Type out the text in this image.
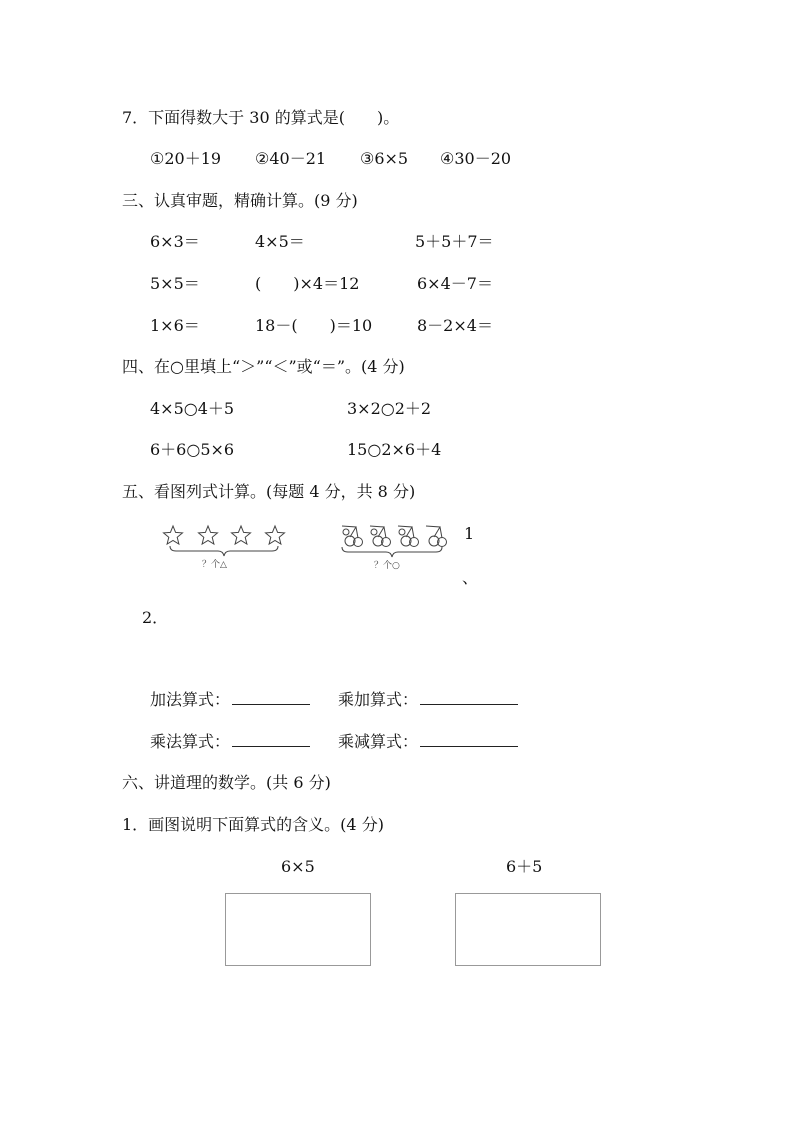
7．下面得数大于 30 的算式是(　　)。
①20＋19 ②40－21 ③6×5 ④30－20
三、认真审题，精确计算。(9 分)
6×3＝	4×5＝	5＋5＋7＝
5×5＝	(　　)×4＝12	6×4－7＝
1×6＝	18－(　　)＝10	8－2×4＝
四、在○里填上“＞”“＜”或“＝”。(4 分)
4×5○4＋5	3×2○2＋2
6＋6○5×6	15○2×6＋4
五、看图列式计算。(每题 4 分，共 8 分)
？个△	？个○
1
、
2．
加法算式：	乘加算式：
乘法算式：	乘减算式：
六、讲道理的数学。(共 6 分)
1．画图说明下面算式的含义。(4 分)
6×5	6＋5
